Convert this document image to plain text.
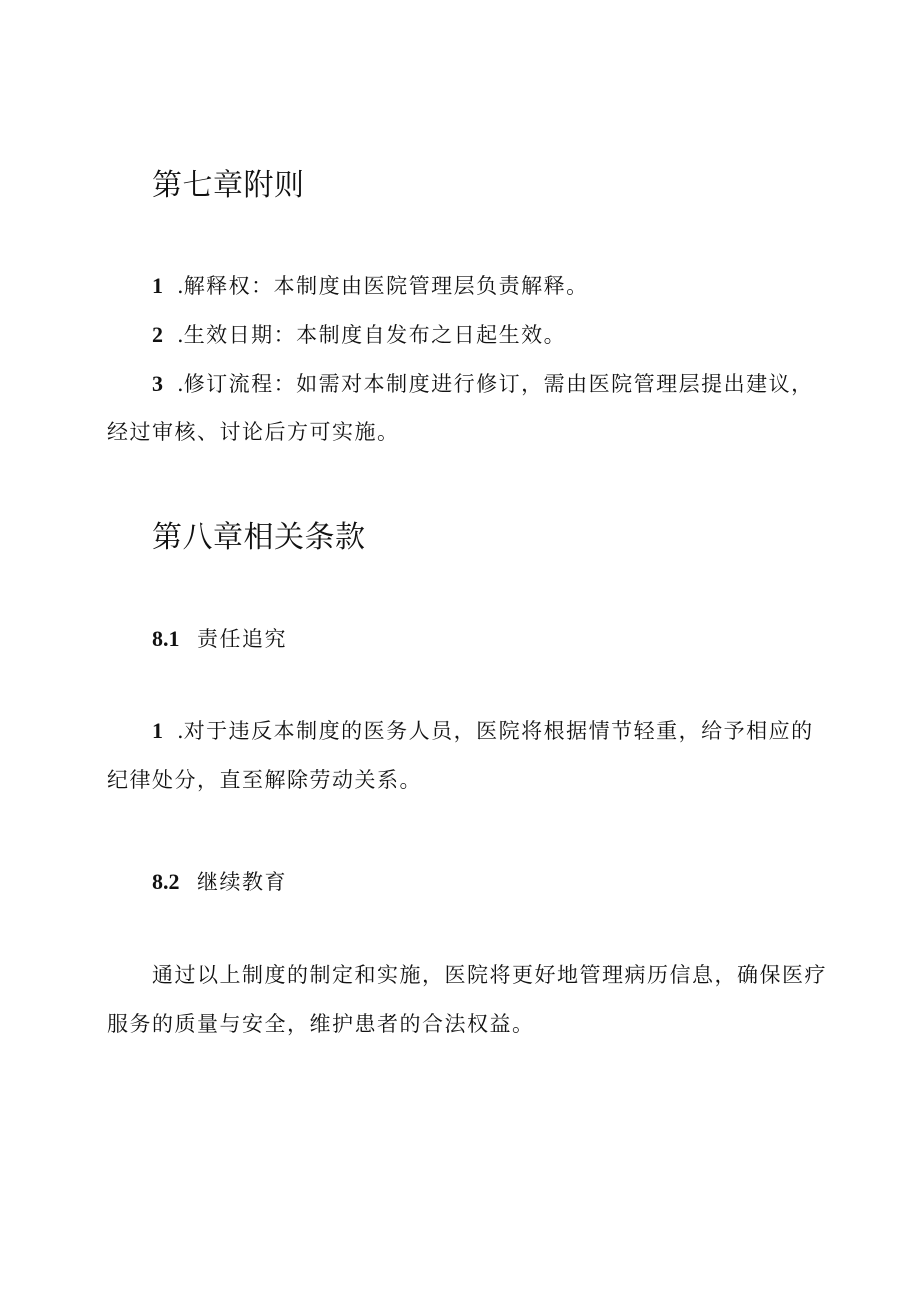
第七章附则

1 .解释权：本制度由医院管理层负责解释。

2 .生效日期：本制度自发布之日起生效。

3 .修订流程：如需对本制度进行修订，需由医院管理层提出建议，

经过审核、讨论后方可实施。

第八章相关条款

8.1 责任追究

1 .对于违反本制度的医务人员，医院将根据情节轻重，给予相应的

纪律处分，直至解除劳动关系。

8.2 继续教育

通过以上制度的制定和实施，医院将更好地管理病历信息，确保医疗

服务的质量与安全，维护患者的合法权益。
